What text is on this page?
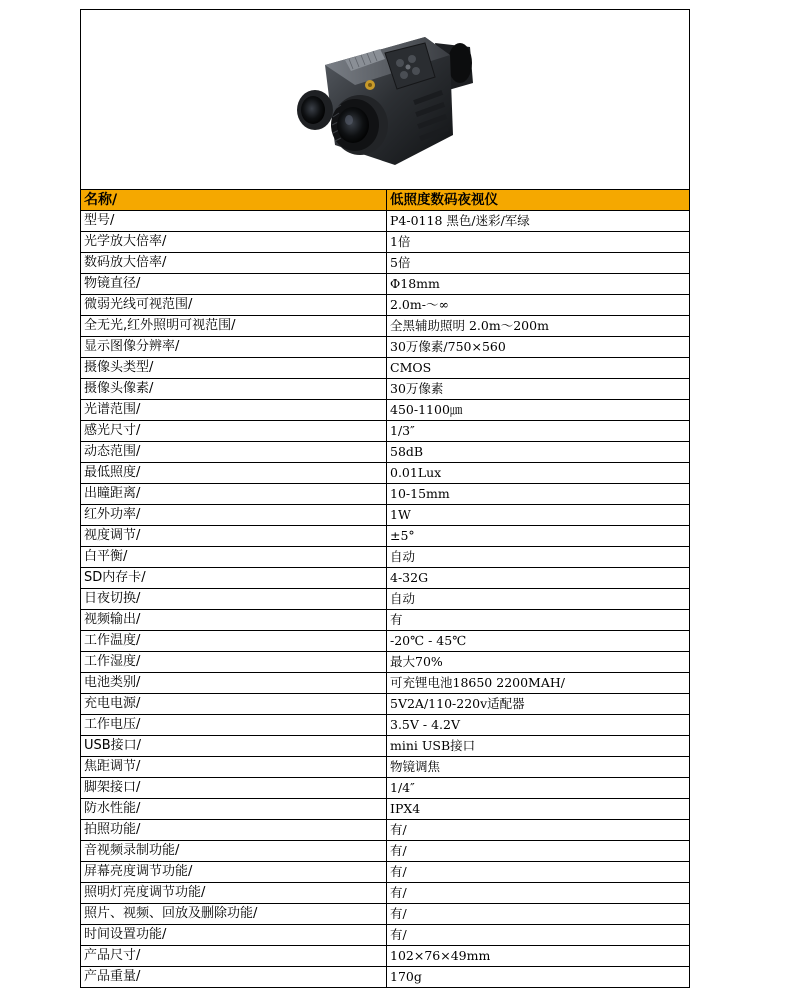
名称/	低照度数码夜视仪
型号/	P4-0118 黑色/迷彩/军绿
光学放大倍率/	1倍
数码放大倍率/	5倍
物镜直径/	Φ18mm
微弱光线可视范围/	2.0m-～∞
全无光,红外照明可视范围/	全黑辅助照明 2.0m～200m
显示图像分辨率/	30万像素/750×560
摄像头类型/	CMOS
摄像头像素/	30万像素
光谱范围/	450-1100㎛
感光尺寸/	1/3″
动态范围/	58dB
最低照度/	0.01Lux
出瞳距离/	10-15mm
红外功率/	1W
视度调节/	±5°
白平衡/	自动
SD内存卡/	4-32G
日夜切换/	自动
视频输出/	有
工作温度/	-20℃ - 45℃
工作湿度/	最大70%
电池类别/	可充锂电池18650 2200MAH/
充电电源/	5V2A/110-220v适配器
工作电压/	3.5V - 4.2V
USB接口/	mini USB接口
焦距调节/	物镜调焦
脚架接口/	1/4″
防水性能/	IPX4
拍照功能/	有/
音视频录制功能/	有/
屏幕亮度调节功能/	有/
照明灯亮度调节功能/	有/
照片、视频、回放及删除功能/	有/
时间设置功能/	有/
产品尺寸/	102×76×49mm
产品重量/	170g
